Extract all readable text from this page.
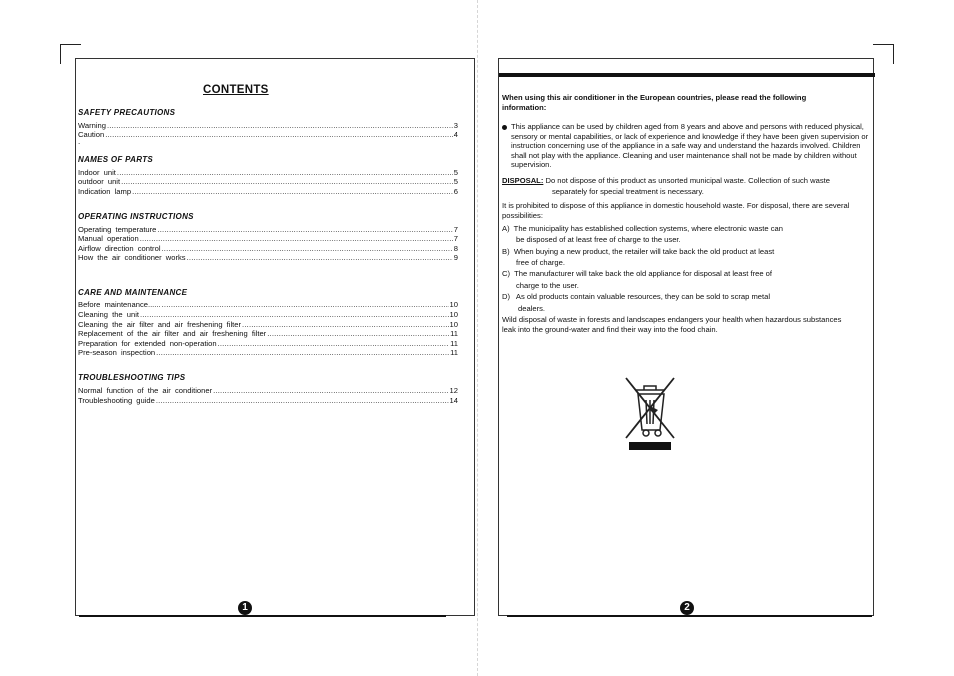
CONTENTS
SAFETY PRECAUTIONS
Warning .....	3
Caution .....	4
.
NAMES OF PARTS
Indoor unit .....	5
outdoor unit .....	5
Indication lamp .....	6
OPERATING INSTRUCTIONS
Operating temperature .....	7
Manual operation .....	7
Airflow direction control .....	8
How the air conditioner works .....	9
CARE AND MAINTENANCE
Before maintenance...... .....	10
Cleaning the unit .....	10
Cleaning the air filter and air freshening filter .....	10
Replacement of the air filter and air freshening filter .....	11
Preparation for extended non-operation .....	11
Pre-season inspection .....	11
TROUBLESHOOTING TIPS
Normal function of the air conditioner .....	12
Troubleshooting guide .....	14
1
When using this air conditioner in the European countries, please read the following information:
This appliance can be used by children aged from 8 years and above and persons with reduced physical, sensory or mental capabilities, or lack of experience and knowledge if they have been given supervision or instruction concerning use of the appliance in a safe way and understand the hazards involved. Children shall not play with the appliance. Cleaning and user maintenance shall not be made by children without supervision.
DISPOSAL: Do not dispose of this product as unsorted municipal waste. Collection of such waste
separately for special treatment is necessary.
It is prohibited to dispose of this appliance in domestic household waste. For disposal, there are several possibilities:
A)  The municipality has established collection systems, where electronic waste can
be disposed of at least free of charge to the user.
B)  When buying a new product, the retailer will take back the old product at least
free of charge.
C)  The manufacturer will take back the old appliance for disposal at least free of
charge to the user.
D)   As old products contain valuable resources, they can be sold to scrap metal
dealers.
Wild disposal of waste in forests and landscapes endangers your health when hazardous substances leak into the ground-water and find their way into the food chain.
2
